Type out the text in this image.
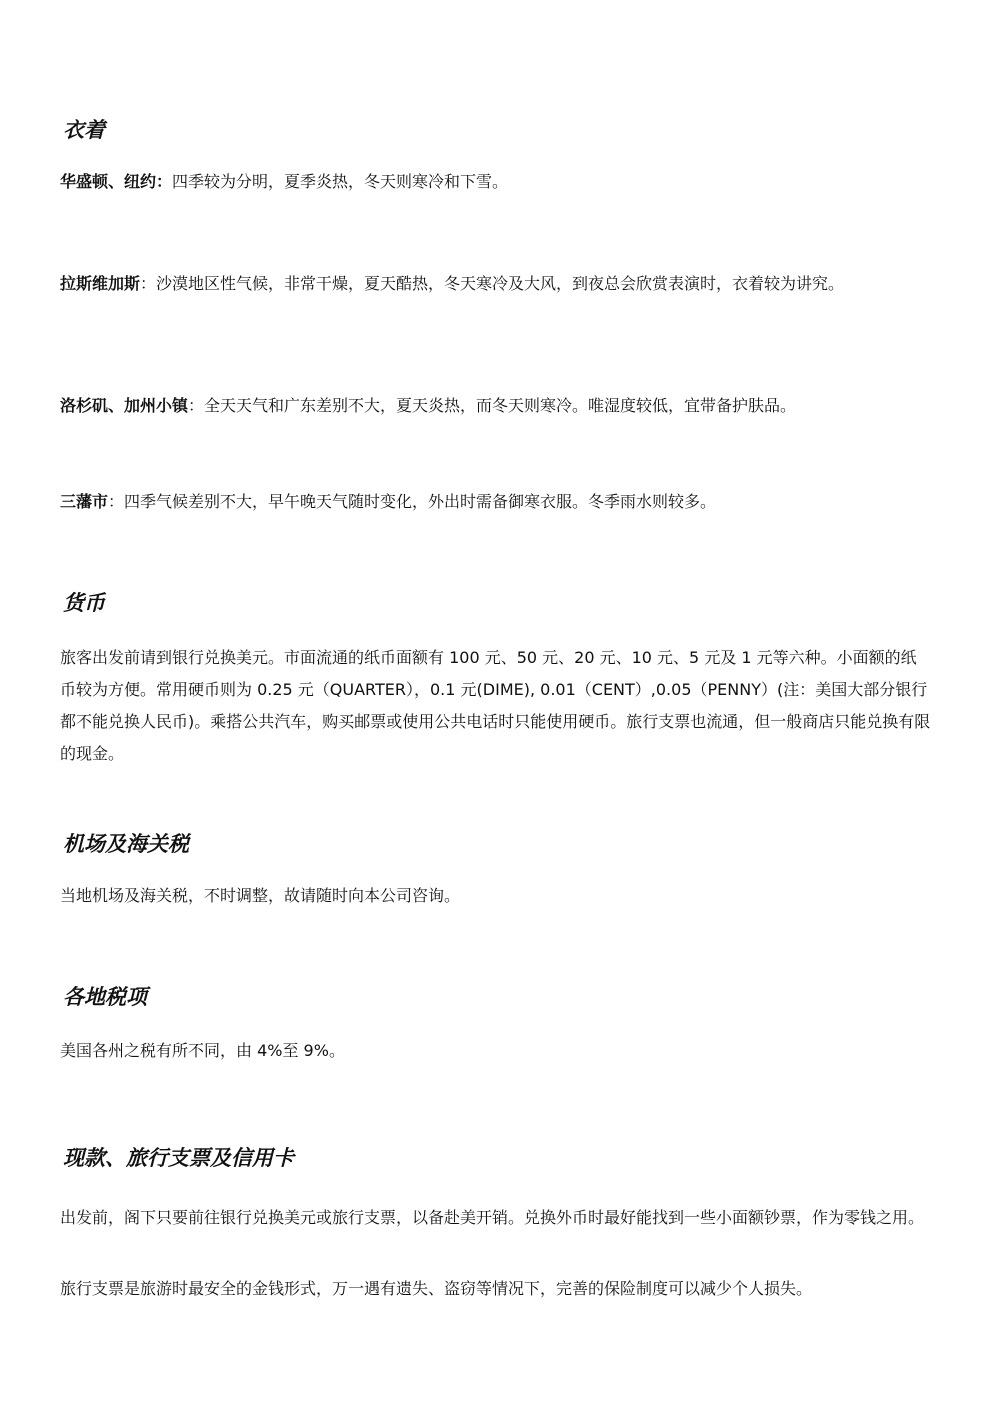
衣着

华盛顿、纽约：四季较为分明，夏季炎热，冬天则寒冷和下雪。

拉斯维加斯：沙漠地区性气候，非常干燥，夏天酷热，冬天寒冷及大风，到夜总会欣赏表演时，衣着较为讲究。

洛杉矶、加州小镇：全天天气和广东差别不大，夏天炎热，而冬天则寒冷。唯湿度较低，宜带备护肤品。

三藩市：四季气候差别不大，早午晚天气随时变化，外出时需备御寒衣服。冬季雨水则较多。

货币

旅客出发前请到银行兑换美元。市面流通的纸币面额有 100 元、50 元、20 元、10 元、5 元及 1 元等六种。小面额的纸币较为方便。常用硬币则为 0.25 元（QUARTER），0.1 元(DIME), 0.01（CENT）,0.05（PENNY）(注：美国大部分银行都不能兑换人民币)。乘搭公共汽车，购买邮票或使用公共电话时只能使用硬币。旅行支票也流通，但一般商店只能兑换有限的现金。

机场及海关税

当地机场及海关税，不时调整，故请随时向本公司咨询。

各地税项

美国各州之税有所不同，由 4%至 9%。

现款、旅行支票及信用卡

出发前，阁下只要前往银行兑换美元或旅行支票，以备赴美开销。兑换外币时最好能找到一些小面额钞票，作为零钱之用。

旅行支票是旅游时最安全的金钱形式，万一遇有遗失、盗窃等情况下，完善的保险制度可以减少个人损失。
